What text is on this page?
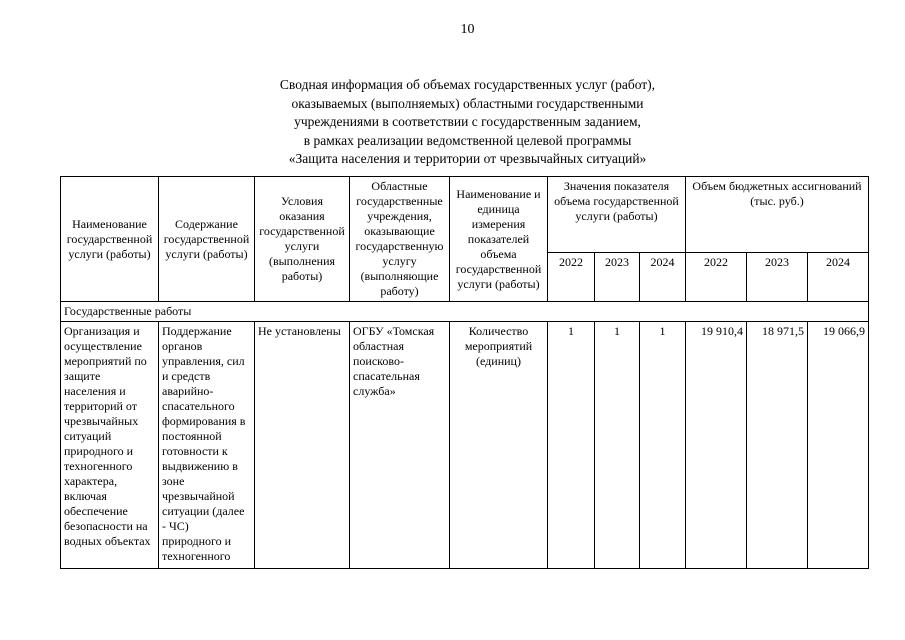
10
Сводная информация об объемах государственных услуг (работ),
оказываемых (выполняемых) областными государственными
учреждениями в соответствии с государственным заданием,
в рамках реализации ведомственной целевой программы
«Защита населения и территории от чрезвычайных ситуаций»
Наименование государственной услуги (работы)	Содержание государственной услуги (работы)	Условия оказания государственной услуги (выполнения работы)	Областные государственные учреждения, оказывающие государственную услугу (выполняющие работу)	Наименование и единица измерения показателей объема государственной услуги (работы)	Значения показателя объема государственной услуги (работы)			Объем бюджетных ассигнований (тыс. руб.)		
					2022	2023	2024	2022	2023	2024
Государственные работы										
Организация и осуществление мероприятий по защите населения и территорий от чрезвычайных ситуаций природного и техногенного характера, включая обеспечение безопасности на водных объектах	Поддержание органов управления, сил и средств аварийно-спасательного формирования в постоянной готовности к выдвижению в зоне чрезвычайной ситуации (далее - ЧС) природного и техногенного	Не установлены	ОГБУ «Томская областная поисково-спасательная служба»	Количество мероприятий (единиц)	1	1	1	19 910,4	18 971,5	19 066,9
